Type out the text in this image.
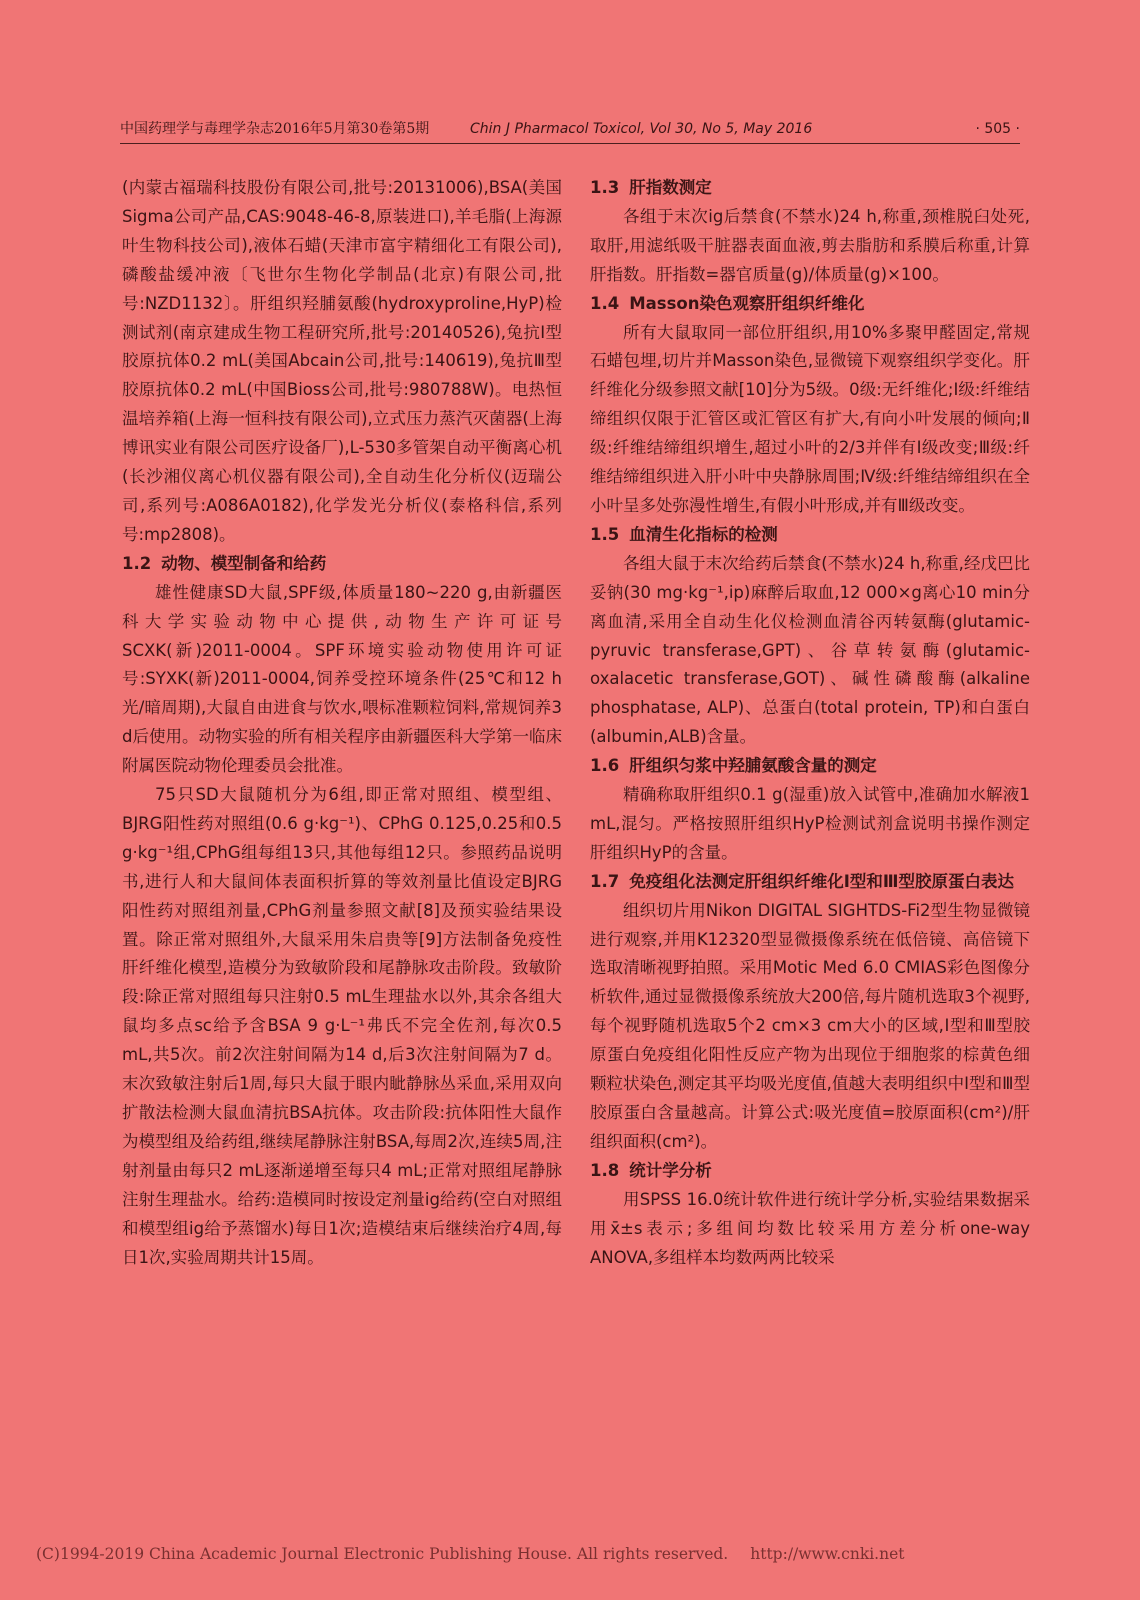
中国药理学与毒理学杂志2016年5月第30卷第5期	Chin J Pharmacol Toxicol, Vol 30, No 5, May 2016	· 505 ·

(内蒙古福瑞科技股份有限公司,批号:20131006),BSA(美国Sigma公司产品,CAS:9048-46-8,原装进口),羊毛脂(上海源叶生物科技公司),液体石蜡(天津市富宇精细化工有限公司),磷酸盐缓冲液〔飞世尔生物化学制品(北京)有限公司,批号:NZD1132〕。肝组织羟脯氨酸(hydroxyproline,HyP)检测试剂(南京建成生物工程研究所,批号:20140526),兔抗Ⅰ型胶原抗体0.2 mL(美国Abcain公司,批号:140619),兔抗Ⅲ型胶原抗体0.2 mL(中国Bioss公司,批号:980788W)。电热恒温培养箱(上海一恒科技有限公司),立式压力蒸汽灭菌器(上海博讯实业有限公司医疗设备厂),L-530多管架自动平衡离心机(长沙湘仪离心机仪器有限公司),全自动生化分析仪(迈瑞公司,系列号:A086A0182),化学发光分析仪(泰格科信,系列号:mp2808)。

1.2 动物、模型制备和给药

雄性健康SD大鼠,SPF级,体质量180~220 g,由新疆医科大学实验动物中心提供,动物生产许可证号SCXK(新)2011-0004。SPF环境实验动物使用许可证号:SYXK(新)2011-0004,饲养受控环境条件(25℃和12 h光/暗周期),大鼠自由进食与饮水,喂标准颗粒饲料,常规饲养3 d后使用。动物实验的所有相关程序由新疆医科大学第一临床附属医院动物伦理委员会批准。

75只SD大鼠随机分为6组,即正常对照组、模型组、BJRG阳性药对照组(0.6 g·kg⁻¹)、CPhG 0.125,0.25和0.5 g·kg⁻¹组,CPhG组每组13只,其他每组12只。参照药品说明书,进行人和大鼠间体表面积折算的等效剂量比值设定BJRG阳性药对照组剂量,CPhG剂量参照文献[8]及预实验结果设置。除正常对照组外,大鼠采用朱启贵等[9]方法制备免疫性肝纤维化模型,造模分为致敏阶段和尾静脉攻击阶段。致敏阶段:除正常对照组每只注射0.5 mL生理盐水以外,其余各组大鼠均多点sc给予含BSA 9 g·L⁻¹弗氏不完全佐剂,每次0.5 mL,共5次。前2次注射间隔为14 d,后3次注射间隔为7 d。末次致敏注射后1周,每只大鼠于眼内眦静脉丛采血,采用双向扩散法检测大鼠血清抗BSA抗体。攻击阶段:抗体阳性大鼠作为模型组及给药组,继续尾静脉注射BSA,每周2次,连续5周,注射剂量由每只2 mL逐渐递增至每只4 mL;正常对照组尾静脉注射生理盐水。给药:造模同时按设定剂量ig给药(空白对照组和模型组ig给予蒸馏水)每日1次;造模结束后继续治疗4周,每日1次,实验周期共计15周。

1.3 肝指数测定

各组于末次ig后禁食(不禁水)24 h,称重,颈椎脱臼处死,取肝,用滤纸吸干脏器表面血液,剪去脂肪和系膜后称重,计算肝指数。肝指数=器官质量(g)/体质量(g)×100。

1.4 Masson染色观察肝组织纤维化

所有大鼠取同一部位肝组织,用10%多聚甲醛固定,常规石蜡包埋,切片并Masson染色,显微镜下观察组织学变化。肝纤维化分级参照文献[10]分为5级。0级:无纤维化;Ⅰ级:纤维结缔组织仅限于汇管区或汇管区有扩大,有向小叶发展的倾向;Ⅱ级:纤维结缔组织增生,超过小叶的2/3并伴有Ⅰ级改变;Ⅲ级:纤维结缔组织进入肝小叶中央静脉周围;Ⅳ级:纤维结缔组织在全小叶呈多处弥漫性增生,有假小叶形成,并有Ⅲ级改变。

1.5 血清生化指标的检测

各组大鼠于末次给药后禁食(不禁水)24 h,称重,经戊巴比妥钠(30 mg·kg⁻¹,ip)麻醉后取血,12 000×g离心10 min分离血清,采用全自动生化仪检测血清谷丙转氨酶(glutamic-pyruvic transferase,GPT)、谷草转氨酶(glutamic-oxalacetic transferase,GOT)、碱性磷酸酶(alkaline phosphatase, ALP)、总蛋白(total protein, TP)和白蛋白(albumin,ALB)含量。

1.6 肝组织匀浆中羟脯氨酸含量的测定

精确称取肝组织0.1 g(湿重)放入试管中,准确加水解液1 mL,混匀。严格按照肝组织HyP检测试剂盒说明书操作测定肝组织HyP的含量。

1.7 免疫组化法测定肝组织纤维化Ⅰ型和Ⅲ型胶原蛋白表达

组织切片用Nikon DIGITAL SIGHTDS-Fi2型生物显微镜进行观察,并用K12320型显微摄像系统在低倍镜、高倍镜下选取清晰视野拍照。采用Motic Med 6.0 CMIAS彩色图像分析软件,通过显微摄像系统放大200倍,每片随机选取3个视野,每个视野随机选取5个2 cm×3 cm大小的区域,Ⅰ型和Ⅲ型胶原蛋白免疫组化阳性反应产物为出现位于细胞浆的棕黄色细颗粒状染色,测定其平均吸光度值,值越大表明组织中Ⅰ型和Ⅲ型胶原蛋白含量越高。计算公式:吸光度值=胶原面积(cm²)/肝组织面积(cm²)。

1.8 统计学分析

用SPSS 16.0统计软件进行统计学分析,实验结果数据采用x̄±s表示;多组间均数比较采用方差分析one-way ANOVA,多组样本均数两两比较采

(C)1994-2019 China Academic Journal Electronic Publishing House. All rights reserved. http://www.cnki.net
